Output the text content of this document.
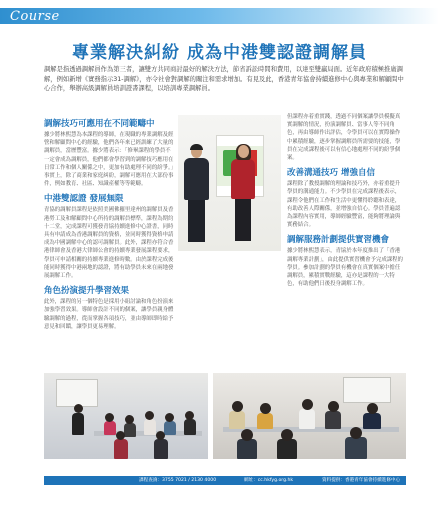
Course
專業解決糾紛 成為中港雙認證調解員
調解是指透過調解員作為第三者，讓雙方共同商討最好的解決方法，節省訴訟時間和費用，以達至雙贏局面。近年政府積極推廣調解，例如新增《實務指示31-調解》，亦令社會對調解的關注和需求增加。有見及此，香港青年協會持續進修中心與專業和解顧問中心合作，舉辦高級調解員培訓證書課程，以培訓專業調解員。
調解技巧可應用在不同範疇中
據少將林熙慧為本課程的導師，在現職的專業調解及經營和解顧問中心的經驗，他們各年來已經訓練了大量的調解員，當歷豐富。據少將表示：「修畢課程的學員不一定會成為調解員，他們都會學習到的調解技巧應用在日常工作和個人關係之中，更加有助處理不同的紛爭。」事實上，除了商業和家庭糾紛，調解可應用在大部份事件，例如教育、社區、知識產權等等範疇。
中港雙認證 發展無限
青協的調解員課程是依照美國佛羅里達州的調解員及香港勞工及和解顧問中心所持的調解員標準，課程為期約十二堂，完成課程可獲發青協持續進修中心證書，同時具有申請成為香港調解員的資格，並同時獲得資格申請成為中國調解中心的認可調解員。此外，課程亦符合香港律師會及香港大律師公會的持續專業發展課程要求，學員可申請相關的持續專業進修時數。由於課程完成後能同時獲得中港兩地的認證，將有助學員未來在兩地發展調解工作。
角色扮演提升學習效果
此外，課程的另一個特色是採用小組討論和角色扮演來加強學習效果。導師會設計不同的個案，讓學員親身體驗調解的過程，從而掌握各項技巧，並由導師即時給予意見和回饋，讓學員更易理解。
但課程亦着重實踐，透過不同個案讓學員模擬真實調解的情況，扮演調解員、當事人等不同角色，再由導師作出評估，令學員可以在實際操作中累積經驗，逐步掌握調解員所需要的技能，學員在完成課程後可以有信心地處理不同的紛爭個案。
改善溝通技巧 增強自信
課程除了教授調解的理論和技巧外，亦着重提升學員的溝通能力。不少學員在完成課程後表示，課程令他們在工作和生活中更懂得聆聽和表達，有助改善人際關係，並增強自信心。學員普遍認為課程內容實用，導師經驗豐富，能夠將理論與實務結合。
調解服務計劃提供實習機會
據少將林熙慧表示，青協於本年度推出了「香港調解專業計劃」，由此提供實習機會予完成課程的學員。參加計劃的學員有機會在真實個案中擔任調解員，累積實戰經驗，這亦是課程的一大特色，有助他們日後投身調解工作。
課程查詢：3755 7021 / 2130 4000	網址：cc.hkfyg.org.hk	資料提供：香港青年協會持續進修中心
